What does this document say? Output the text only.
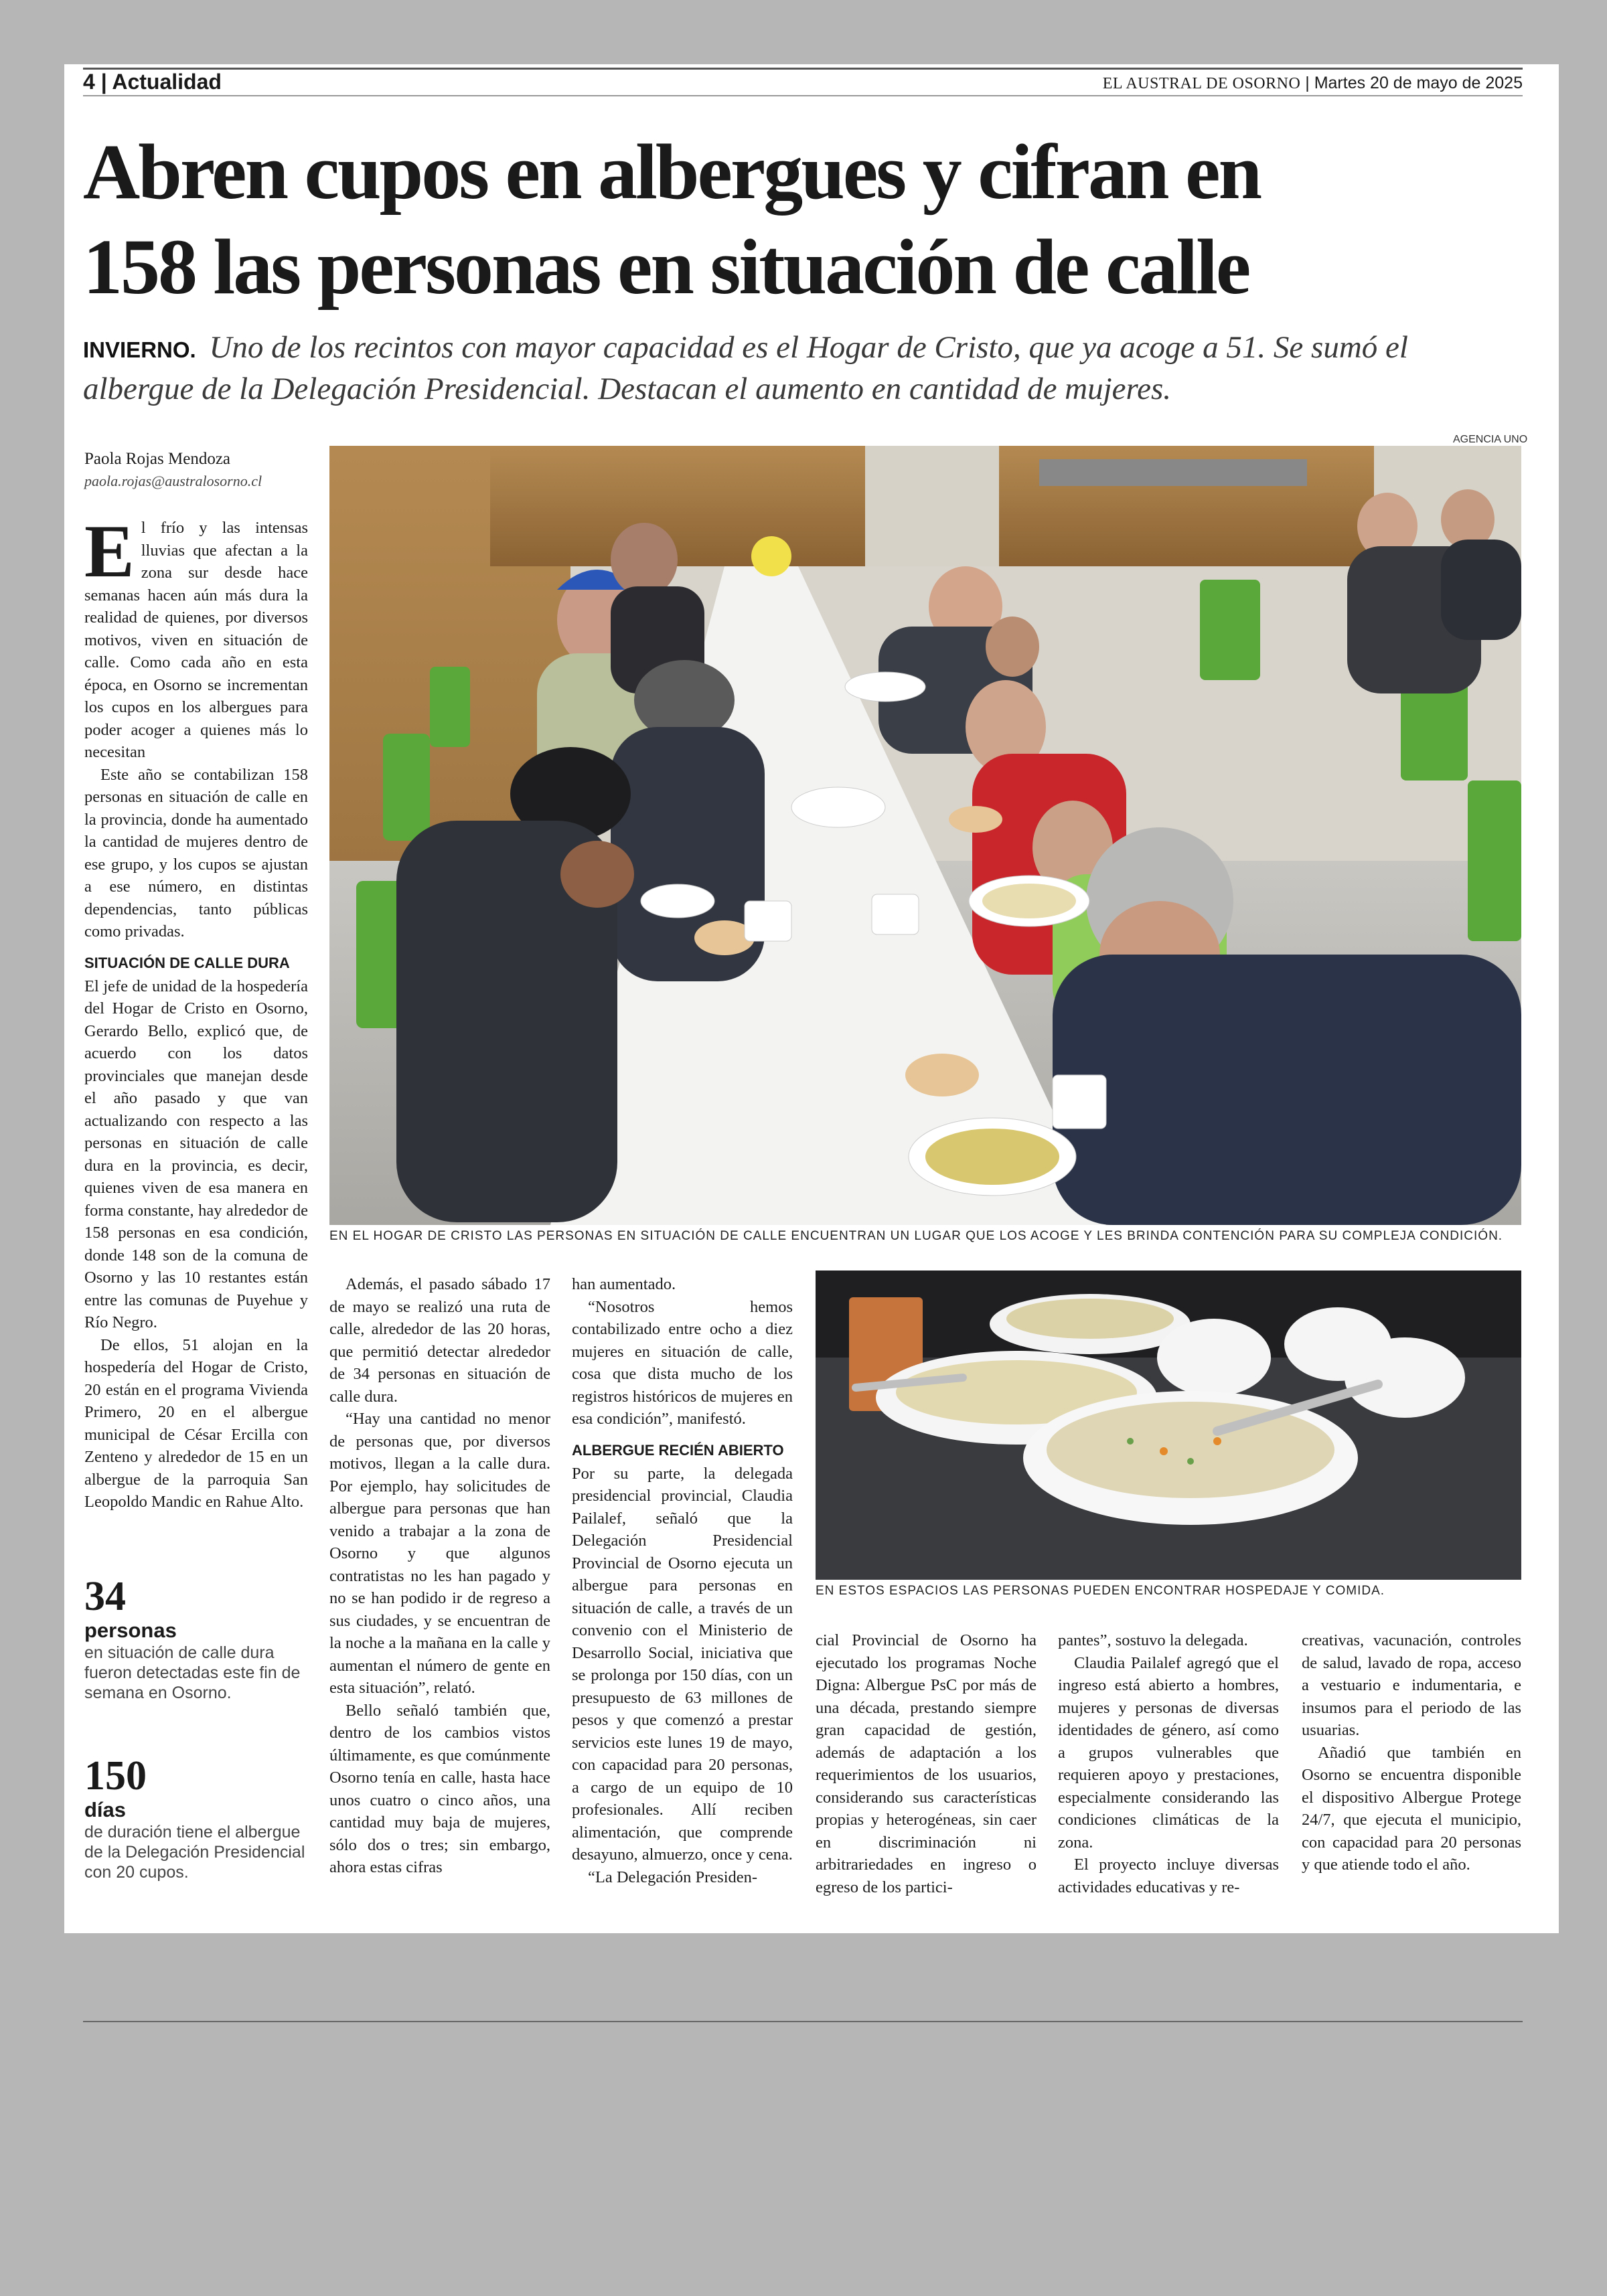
4 | Actualidad	EL AUSTRAL DE OSORNO | Martes 20 de mayo de 2025
Abren cupos en albergues y cifran en
158 las personas en situación de calle
INVIERNO. Uno de los recintos con mayor capacidad es el Hogar de Cristo, que ya acoge a 51. Se sumó el albergue de la Delegación Presidencial. Destacan el aumento en cantidad de mujeres.
Paola Rojas Mendoza
paola.rojas@australosorno.cl

El frío y las intensas lluvias que afectan a la zona sur desde hace semanas hacen aún más dura la realidad de quienes, por diversos motivos, viven en situación de calle. Como cada año en esta época, en Osorno se incrementan los cupos en los albergues para poder acoger a quienes más lo necesitan

Este año se contabilizan 158 personas en situación de calle en la provincia, donde ha aumentado la cantidad de mujeres dentro de ese grupo, y los cupos se ajustan a ese número, en distintas dependencias, tanto públicas como privadas.

SITUACIÓN DE CALLE DURA

El jefe de unidad de la hospedería del Hogar de Cristo en Osorno, Gerardo Bello, explicó que, de acuerdo con los datos provinciales que manejan desde el año pasado y que van actualizando con respecto a las personas en situación de calle dura en la provincia, es decir, quienes viven de esa manera en forma constante, hay alrededor de 158 personas en esa condición, donde 148 son de la comuna de Osorno y las 10 restantes están entre las comunas de Puyehue y Río Negro.

De ellos, 51 alojan en la hospedería del Hogar de Cristo, 20 están en el programa Vivienda Primero, 20 en el albergue municipal de César Ercilla con Zenteno y alrededor de 15 en un albergue de la parroquia San Leopoldo Mandic en Rahue Alto.

34
personas
en situación de calle dura fueron detectadas este fin de semana en Osorno.
150
días
de duración tiene el albergue de la Delegación Presidencial con 20 cupos.
AGENCIA UNO
EN EL HOGAR DE CRISTO LAS PERSONAS EN SITUACIÓN DE CALLE ENCUENTRAN UN LUGAR QUE LOS ACOGE Y LES BRINDA CONTENCIÓN PARA SU COMPLEJA CONDICIÓN.

Además, el pasado sábado 17 de mayo se realizó una ruta de calle, alrededor de las 20 horas, que permitió detectar alrededor de 34 personas en situación de calle dura.

“Hay una cantidad no menor de personas que, por diversos motivos, llegan a la calle dura. Por ejemplo, hay solicitudes de albergue para personas que han venido a trabajar a la zona de Osorno y que algunos contratistas no les han pagado y no se han podido ir de regreso a sus ciudades, y se encuentran de la noche a la mañana en la calle y aumentan el número de gente en esta situación”, relató.

Bello señaló también que, dentro de los cambios vistos últimamente, es que comúnmente Osorno tenía en calle, hasta hace unos cuatro o cinco años, una cantidad muy baja de mujeres, sólo dos o tres; sin embargo, ahora estas cifras

han aumentado.

“Nosotros hemos contabilizado entre ocho a diez mujeres en situación de calle, cosa que dista mucho de los registros históricos de mujeres en esa condición”, manifestó.

ALBERGUE RECIÉN ABIERTO

Por su parte, la delegada presidencial provincial, Claudia Pailalef, señaló que la Delegación Presidencial Provincial de Osorno ejecuta un albergue para personas en situación de calle, a través de un convenio con el Ministerio de Desarrollo Social, iniciativa que se prolonga por 150 días, con un presupuesto de 63 millones de pesos y que comenzó a prestar servicios este lunes 19 de mayo, con capacidad para 20 personas, a cargo de un equipo de 10 profesionales. Allí reciben alimentación, que comprende desayuno, almuerzo, once y cena.

“La Delegación Presiden-

EN ESTOS ESPACIOS LAS PERSONAS PUEDEN ENCONTRAR HOSPEDAJE Y COMIDA.

cial Provincial de Osorno ha ejecutado los programas Noche Digna: Albergue PsC por más de una década, prestando siempre gran capacidad de gestión, además de adaptación a los requerimientos de los usuarios, considerando sus características propias y heterogéneas, sin caer en discriminación ni arbitrariedades en ingreso o egreso de los partici-

pantes”, sostuvo la delegada.

Claudia Pailalef agregó que el ingreso está abierto a hombres, mujeres y personas de diversas identidades de género, así como a grupos vulnerables que requieren apoyo y prestaciones, especialmente considerando las condiciones climáticas de la zona.

El proyecto incluye diversas actividades educativas y re-

creativas, vacunación, controles de salud, lavado de ropa, acceso a vestuario e indumentaria, e insumos para el periodo de las usuarias.

Añadió que también en Osorno se encuentra disponible el dispositivo Albergue Protege 24/7, que ejecuta el municipio, con capacidad para 20 personas y que atiende todo el año.
